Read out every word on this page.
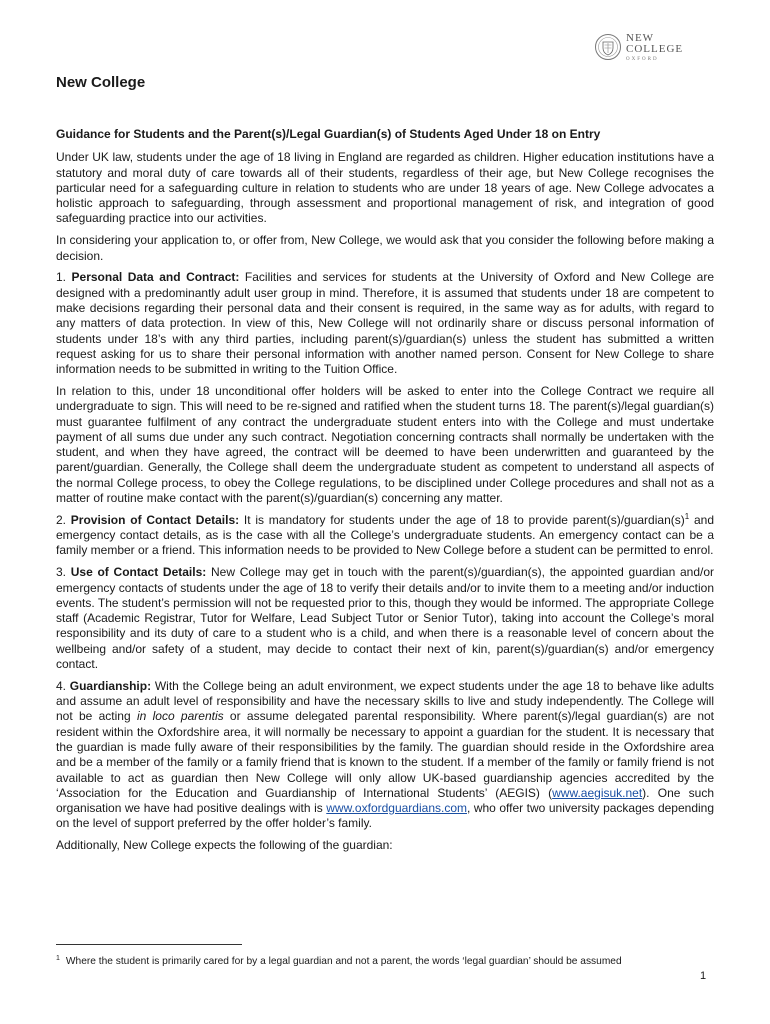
NEW COLLEGE
OXFORD
New College
Guidance for Students and the Parent(s)/Legal Guardian(s) of Students Aged Under 18 on Entry

Under UK law, students under the age of 18 living in England are regarded as children. Higher education institutions have a statutory and moral duty of care towards all of their students, regardless of their age, but New College recognises the particular need for a safeguarding culture in relation to students who are under 18 years of age. New College advocates a holistic approach to safeguarding, through assessment and proportional management of risk, and integration of good safeguarding practice into our activities.

In considering your application to, or offer from, New College, we would ask that you consider the following before making a decision.

1. Personal Data and Contract: Facilities and services for students at the University of Oxford and New College are designed with a predominantly adult user group in mind. Therefore, it is assumed that students under 18 are competent to make decisions regarding their personal data and their consent is required, in the same way as for adults, with regard to any matters of data protection. In view of this, New College will not ordinarily share or discuss personal information of students under 18’s with any third parties, including parent(s)/guardian(s) unless the student has submitted a written request asking for us to share their personal information with another named person. Consent for New College to share information needs to be submitted in writing to the Tuition Office.

In relation to this, under 18 unconditional offer holders will be asked to enter into the College Contract we require all undergraduate to sign. This will need to be re-signed and ratified when the student turns 18. The parent(s)/legal guardian(s) must guarantee fulfilment of any contract the undergraduate student enters into with the College and must undertake payment of all sums due under any such contract. Negotiation concerning contracts shall normally be undertaken with the student, and when they have agreed, the contract will be deemed to have been underwritten and guaranteed by the parent/guardian. Generally, the College shall deem the undergraduate student as competent to understand all aspects of the normal College process, to obey the College regulations, to be disciplined under College procedures and shall not as a matter of routine make contact with the parent(s)/guardian(s) concerning any matter.

2. Provision of Contact Details: It is mandatory for students under the age of 18 to provide $parent(s)/guardian(s)^1$ and emergency contact details, as is the case with all the College’s undergraduate students. An emergency contact can be a family member or a friend. This information needs to be provided to New College before a student can be permitted to enrol.

3. Use of Contact Details: New College may get in touch with the parent(s)/guardian(s), the appointed guardian and/or emergency contacts of students under the age of 18 to verify their details and/or to invite them to a meeting and/or induction events. The student’s permission will not be requested prior to this, though they would be informed. The appropriate College staff (Academic Registrar, Tutor for Welfare, Lead Subject Tutor or Senior Tutor), taking into account the College’s moral responsibility and its duty of care to a student who is a child, and when there is a reasonable level of concern about the wellbeing and/or safety of a student, may decide to contact their next of kin, parent(s)/guardian(s) and/or emergency contact.

4. Guardianship: With the College being an adult environment, we expect students under the age 18 to behave like adults and assume an adult level of responsibility and have the necessary skills to live and study independently. The College will not be acting in loco parentis or assume delegated parental responsibility. Where parent(s)/legal guardian(s) are not resident within the Oxfordshire area, it will normally be necessary to appoint a guardian for the student. It is necessary that the guardian is made fully aware of their responsibilities by the family. The guardian should reside in the Oxfordshire area and be a member of the family or a family friend that is known to the student. If a member of the family or family friend is not available to act as guardian then New College will only allow UK-based guardianship agencies accredited by the ‘Association for the Education and Guardianship of International Students’ (AEGIS) (www.aegisuk.net). One such organisation we have had positive dealings with is www.oxfordguardians.com, who offer two university packages depending on the level of support preferred by the offer holder’s family.

Additionally, New College expects the following of the guardian:

$^1$ Where the student is primarily cared for by a legal guardian and not a parent, the words ‘legal guardian’ should be assumed
1
